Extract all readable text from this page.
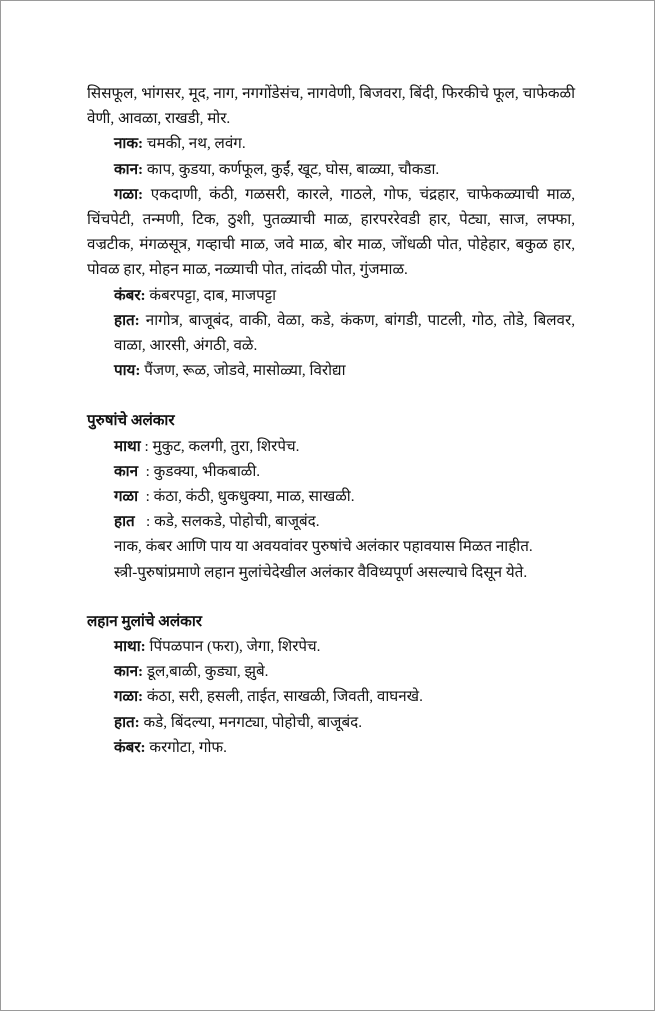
सिसफूल, भांगसर, मूद, नाग, नगगोंडेसंच, नागवेणी, बिजवरा, बिंदी, फिरकीचे फूल, चाफेकळी वेणी, आवळा, राखडी, मोर.

नाक: चमकी, नथ, लवंग.

कान: काप, कुडया, कर्णफूल, कुईं, खूट, घोस, बाळ्या, चौकडा.

गळा: एकदाणी, कंठी, गळसरी, कारले, गाठले, गोफ, चंद्रहार, चाफेकळ्याची माळ, चिंचपेटी, तन्मणी, टिक, ठुशी, पुतळ्याची माळ, हारपररेवडी हार, पेट्या, साज, लफ्फा, वज्रटीक, मंगळसूत्र, गव्हाची माळ, जवे माळ, बोर माळ, जोंधळी पोत, पोहेहार, बकुळ हार, पोवळ हार, मोहन माळ, नळ्याची पोत, तांदळी पोत, गुंजमाळ.

कंबर: कंबरपट्टा, दाब, माजपट्टा

हात: नागोत्र, बाजूबंद, वाकी, वेळा, कडे, कंकण, बांगडी, पाटली, गोठ, तोडे, बिलवर, वाळा, आरसी, अंगठी, वळे.

पाय: पैंजण, रूळ, जोडवे, मासोळ्या, विरोद्या

पुरुषांचे अलंकार

माथा : मुकुट, कलगी, तुरा, शिरपेच.

कान  : कुडक्या, भीकबाळी.

गळा  : कंठा, कंठी, धुकधुक्या, माळ, साखळी.

हात   : कडे, सलकडे, पोहोची, बाजूबंद.

नाक, कंबर आणि पाय या अवयवांवर पुरुषांचे अलंकार पहावयास मिळत नाहीत.

स्त्री‑पुरुषांप्रमाणे लहान मुलांचेदेखील अलंकार वैविध्यपूर्ण असल्याचे दिसून येते.

लहान मुलांचे अलंकार

माथा: पिंपळपान (फरा), जेगा, शिरपेच.

कान: डूल,बाळी, कुड्या, झुबे.

गळा: कंठा, सरी, हसली, ताईत, साखळी, जिवती, वाघनखे.

हात: कडे, बिंदल्या, मनगट्या, पोहोची, बाजूबंद.

कंबर: करगोटा, गोफ.
